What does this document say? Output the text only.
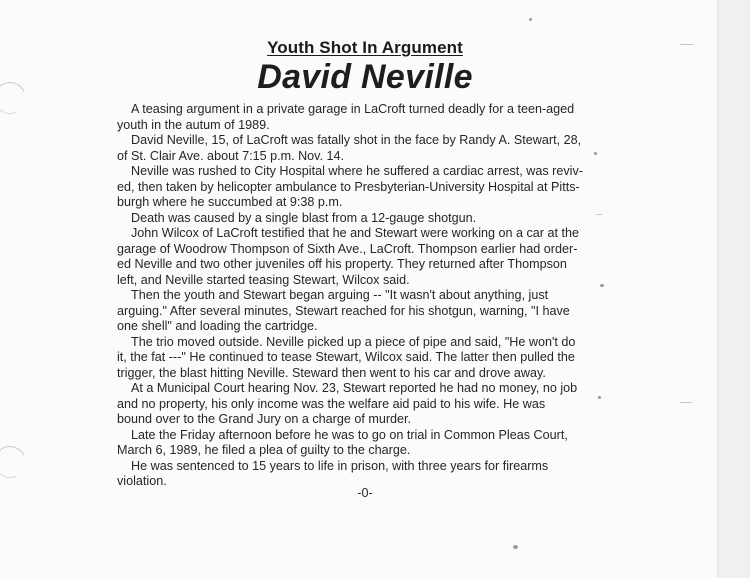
Youth Shot In Argument
David Neville
A teasing argument in a private garage in LaCroft turned deadly for a teen-aged
youth in the autum of 1989.
David Neville, 15, of LaCroft was fatally shot in the face by Randy A. Stewart, 28,
of St. Clair Ave. about 7:15 p.m. Nov. 14.
Neville was rushed to City Hospital where he suffered a cardiac arrest, was reviv-
ed, then taken by helicopter ambulance to Presbyterian-University Hospital at Pitts-
burgh where he succumbed at 9:38 p.m.
Death was caused by a single blast from a 12-gauge shotgun.
John Wilcox of LaCroft testified that he and Stewart were working on a car at the
garage of Woodrow Thompson of Sixth Ave., LaCroft. Thompson earlier had order-
ed Neville and two other juveniles off his property. They returned after Thompson
left, and Neville started teasing Stewart, Wilcox said.
Then the youth and Stewart began arguing -- "It wasn't about anything, just
arguing." After several minutes, Stewart reached for his shotgun, warning, "I have
one shell" and loading the cartridge.
The trio moved outside. Neville picked up a piece of pipe and said, "He won't do
it, the fat ---" He continued to tease Stewart, Wilcox said. The latter then pulled the
trigger, the blast hitting Neville. Steward then went to his car and drove away.
At a Municipal Court hearing Nov. 23, Stewart reported he had no money, no job
and no property, his only income was the welfare aid paid to his wife. He was
bound over to the Grand Jury on a charge of murder.
Late the Friday afternoon before he was to go on trial in Common Pleas Court,
March 6, 1989, he filed a plea of guilty to the charge.
He was sentenced to 15 years to life in prison, with three years for firearms
violation.
-0-
